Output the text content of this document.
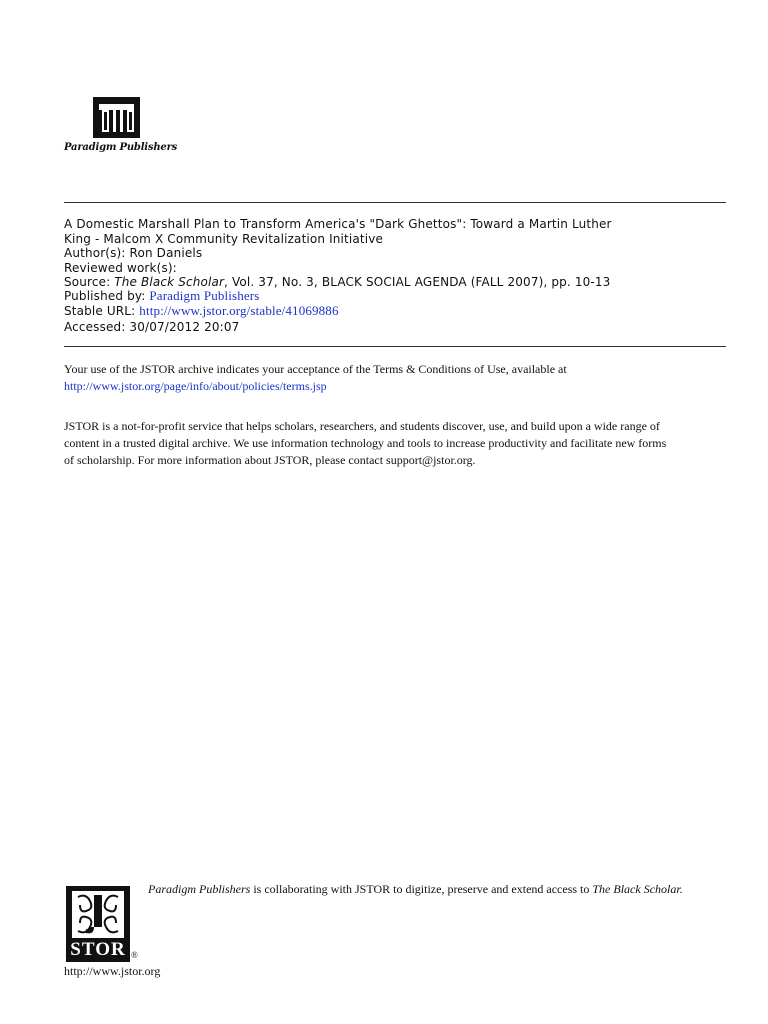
Paradigm Publishers
A Domestic Marshall Plan to Transform America's "Dark Ghettos": Toward a Martin Luther
King - Malcom X Community Revitalization Initiative
Author(s): Ron Daniels
Reviewed work(s):
Source: The Black Scholar, Vol. 37, No. 3, BLACK SOCIAL AGENDA (FALL 2007), pp. 10-13
Published by: Paradigm Publishers
Stable URL: http://www.jstor.org/stable/41069886
Accessed: 30/07/2012 20:07
Your use of the JSTOR archive indicates your acceptance of the Terms & Conditions of Use, available at
http://www.jstor.org/page/info/about/policies/terms.jsp
JSTOR is a not-for-profit service that helps scholars, researchers, and students discover, use, and build upon a wide range of
content in a trusted digital archive. We use information technology and tools to increase productivity and facilitate new forms
of scholarship. For more information about JSTOR, please contact support@jstor.org.
STOR ®
http://www.jstor.org
Paradigm Publishers is collaborating with JSTOR to digitize, preserve and extend access to The Black Scholar.
